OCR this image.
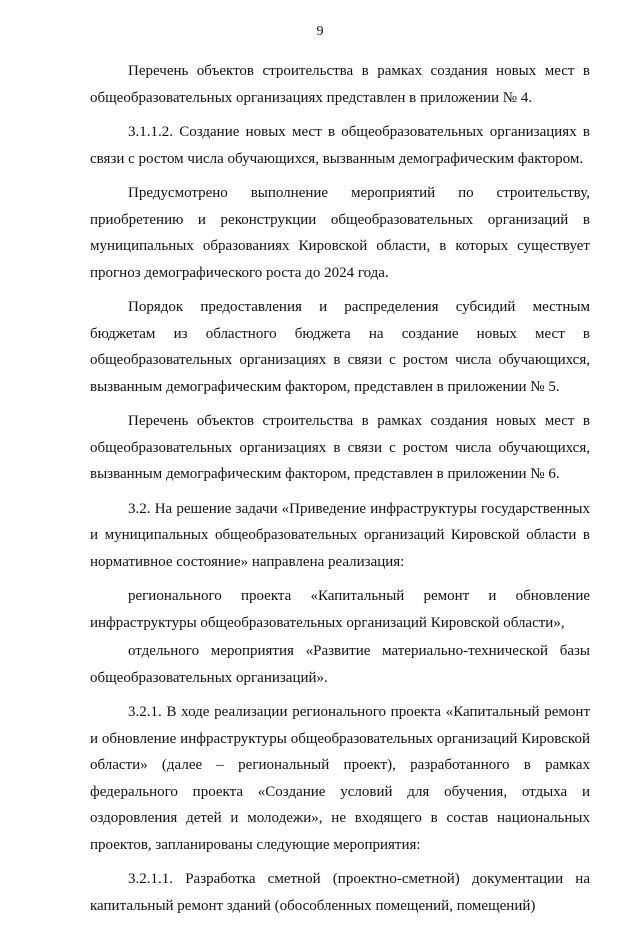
9

Перечень объектов строительства в рамках создания новых мест в общеобразовательных организациях представлен в приложении № 4.

3.1.1.2. Создание новых мест в общеобразовательных организациях в связи с ростом числа обучающихся, вызванным демографическим фактором.

Предусмотрено выполнение мероприятий по строительству, приобретению и реконструкции общеобразовательных организаций в муниципальных образованиях Кировской области, в которых существует прогноз демографического роста до 2024 года.

Порядок предоставления и распределения субсидий местным бюджетам из областного бюджета на создание новых мест в общеобразовательных организациях в связи с ростом числа обучающихся, вызванным демографическим фактором, представлен в приложении № 5.

Перечень объектов строительства в рамках создания новых мест в общеобразовательных организациях в связи с ростом числа обучающихся, вызванным демографическим фактором, представлен в приложении № 6.

3.2. На решение задачи «Приведение инфраструктуры государственных и муниципальных общеобразовательных организаций Кировской области в нормативное состояние» направлена реализация:

регионального проекта «Капитальный ремонт и обновление инфраструктуры общеобразовательных организаций Кировской области»,

отдельного мероприятия «Развитие материально-технической базы общеобразовательных организаций».

3.2.1. В ходе реализации регионального проекта «Капитальный ремонт и обновление инфраструктуры общеобразовательных организаций Кировской области» (далее – региональный проект), разработанного в рамках федерального проекта «Создание условий для обучения, отдыха и оздоровления детей и молодежи», не входящего в состав национальных проектов, запланированы следующие мероприятия:

3.2.1.1. Разработка сметной (проектно-сметной) документации на капитальный ремонт зданий (обособленных помещений, помещений)
